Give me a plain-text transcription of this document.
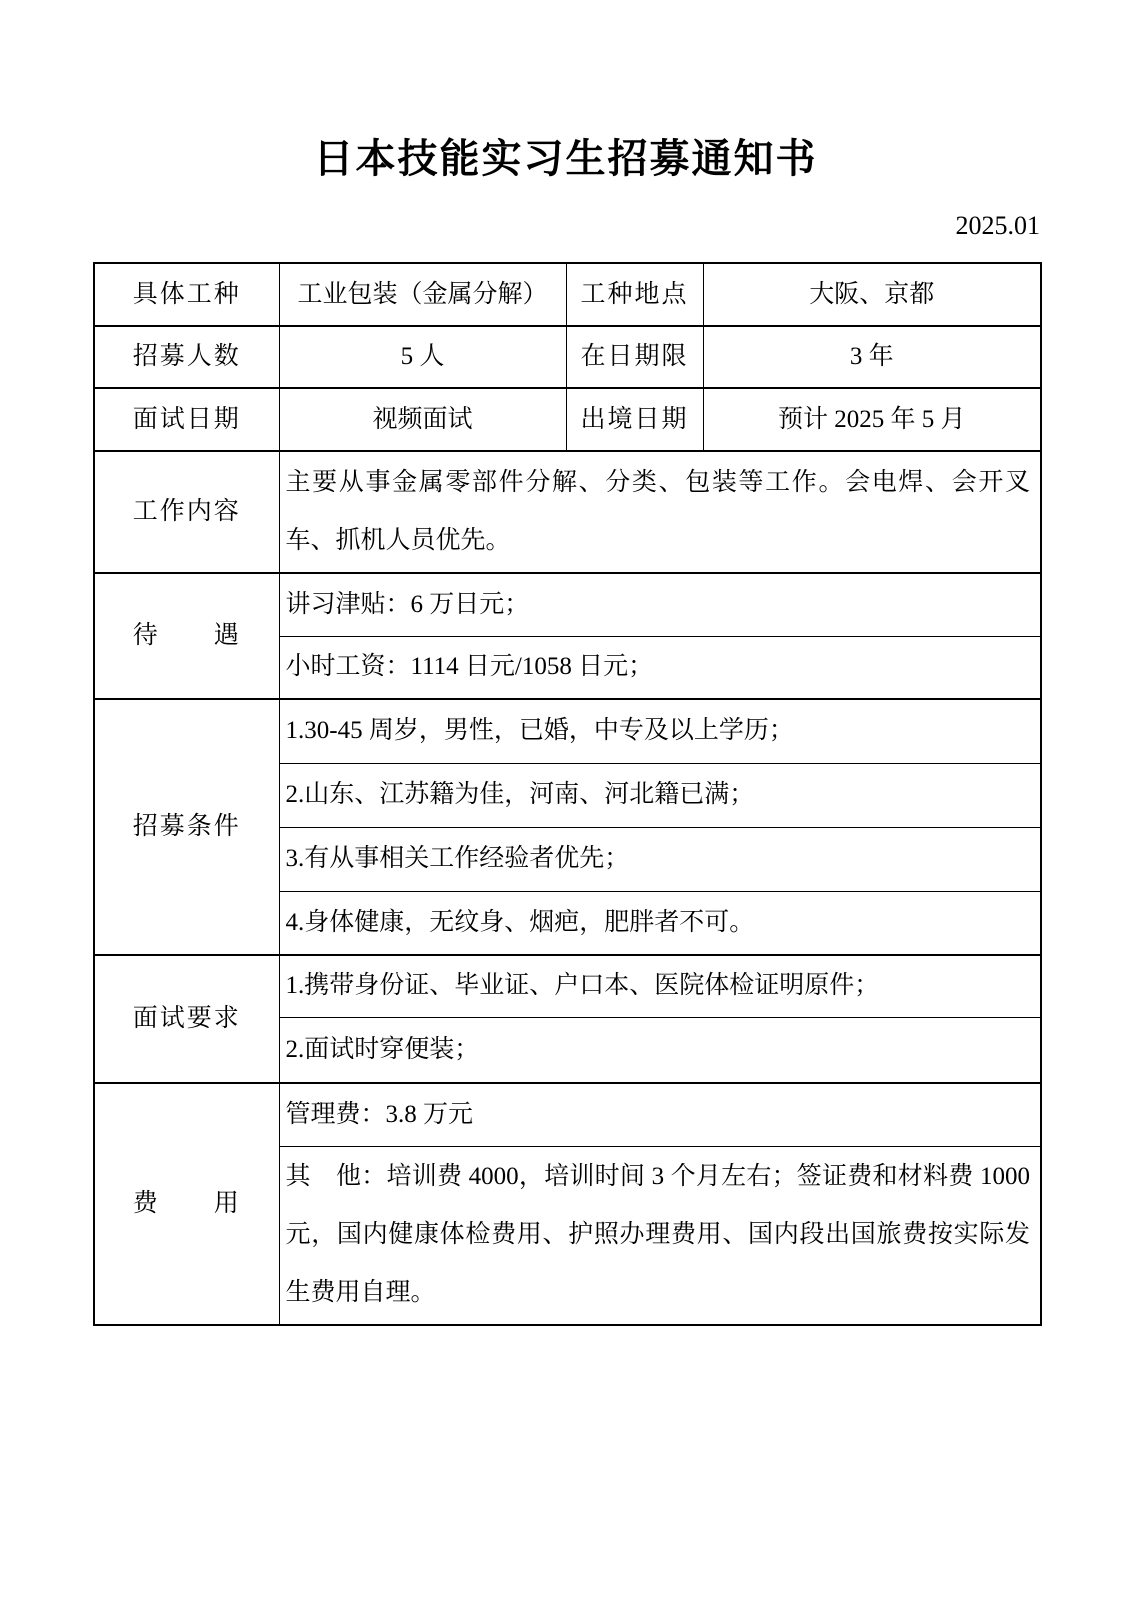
日本技能实习生招募通知书
2025.01
具体工种	工业包装（金属分解）	工种地点	大阪、京都
招募人数	5 人	在日期限	3 年
面试日期	视频面试	出境日期	预计 2025 年 5 月
工作内容	主要从事金属零部件分解、分类、包装等工作。会电焊、会开叉车、抓机人员优先。		
待　　遇	讲习津贴：6 万日元；		
	小时工资：1114 日元/1058 日元；		
招募条件	1.30-45 周岁，男性，已婚，中专及以上学历；		
	2.山东、江苏籍为佳，河南、河北籍已满；		
	3.有从事相关工作经验者优先；		
	4.身体健康，无纹身、烟疤，肥胖者不可。		
面试要求	1.携带身份证、毕业证、户口本、医院体检证明原件；		
	2.面试时穿便装；		
费　　用	管理费：3.8 万元		
	其　他：培训费 4000，培训时间 3 个月左右；签证费和材料费 1000 元，国内健康体检费用、护照办理费用、国内段出国旅费按实际发生费用自理。		
